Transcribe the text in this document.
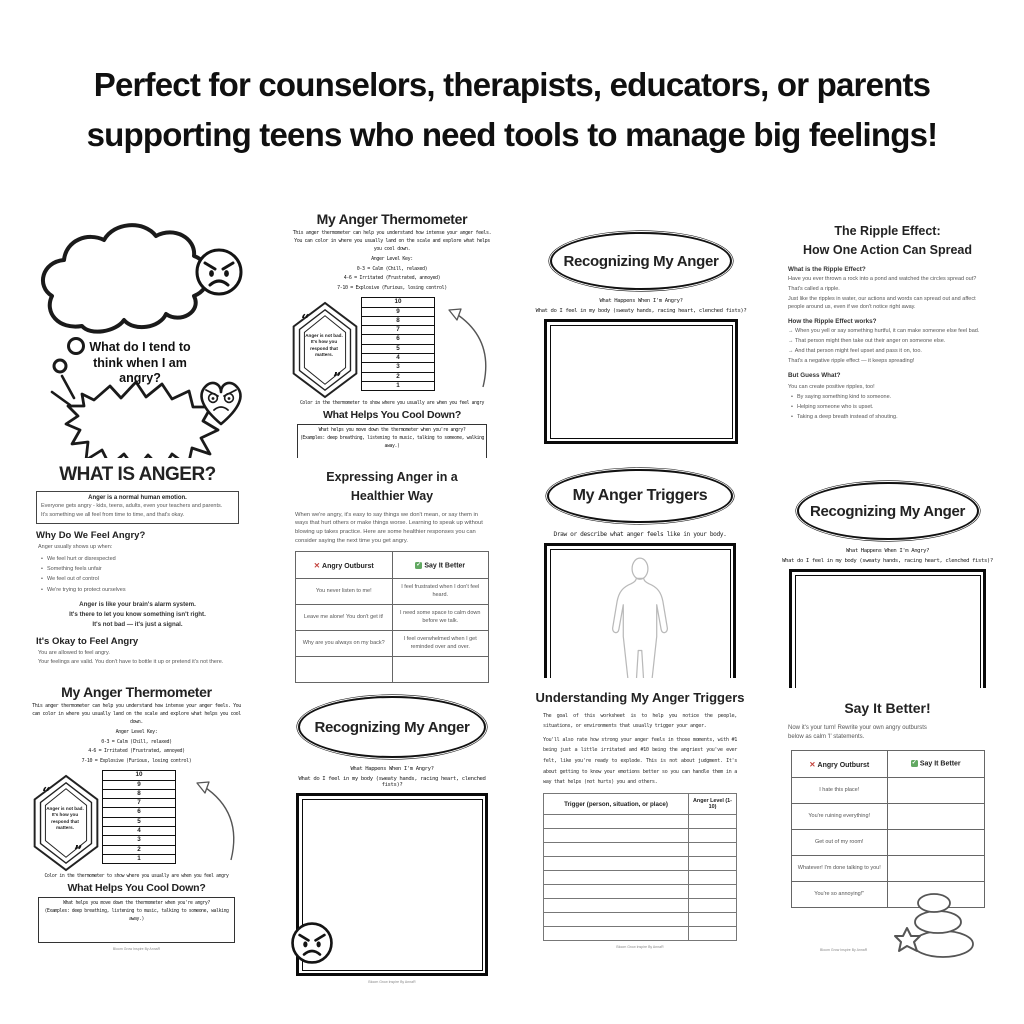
Perfect for counselors, therapists, educators, or parents
supporting teens who need tools to manage big feelings!
What do I tend to think when I am angry?
My Anger Thermometer
This anger thermometer can help you understand how intense your anger feels. You can color in where you usually land on the scale and explore what helps you cool down.
Anger Level Key:
0-3 = Calm (Chill, relaxed)
4-6 = Irritated (Frustrated, annoyed)
7-10 = Explosive (Furious, losing control)
“
Anger is not bad. It's how you respond that matters.
”
10
9
8
7
6
5
4
3
2
1
Color in the thermometer to show where you usually are when you feel angry
What Helps You Cool Down?
What helps you move down the thermometer when you're angry?
(Examples: deep breathing, listening to music, talking to someone, walking away.)
Recognizing My Anger
What Happens When I'm Angry?
What do I feel in my body (sweaty hands, racing heart, clenched fists)?
The Ripple Effect:
How One Action Can Spread
What is the Ripple Effect?
Have you ever thrown a rock into a pond and watched the circles spread out?
That's called a ripple.
Just like the ripples in water, our actions and words can spread out and affect people around us, even if we don't notice right away.
How the Ripple Effect works?
→ When you yell or say something hurtful, it can make someone else feel bad.
→ That person might then take out their anger on someone else.
→ And that person might feel upset and pass it on, too.
That's a negative ripple effect — it keeps spreading!
But Guess What?
You can create positive ripples, too!
• By saying something kind to someone.
• Helping someone who is upset.
• Taking a deep breath instead of shouting.
WHAT IS ANGER?
Anger is a normal human emotion.
Everyone gets angry - kids, teens, adults, even your teachers and parents.
It's something we all feel from time to time, and that's okay.
Why Do We Feel Angry?
Anger usually shows up when:
• We feel hurt or disrespected
• Something feels unfair
• We feel out of control
• We're trying to protect ourselves
Anger is like your brain's alarm system.
It's there to let you know something isn't right.
It's not bad — it's just a signal.
It's Okay to Feel Angry
You are allowed to feel angry.
Your feelings are valid. You don't have to bottle it up or pretend it's not there.
Expressing Anger in a
Healthier Way
When we're angry, it's easy to say things we don't mean, or say them in ways that hurt others or make things worse. Learning to speak up without blowing up takes practice. Here are some healthier responses you can consider saying the next time you get angry.
✕ Angry Outburst	✓ Say It Better
You never listen to me!	I feel frustrated when I don't feel heard.
Leave me alone! You don't get it!	I need some space to calm down before we talk.
Why are you always on my back?	I feel overwhelmed when I get reminded over and over.

My Anger Triggers
Draw or describe what anger feels like in your body.
Recognizing My Anger
What Happens When I'm Angry?
What do I feel in my body (sweaty hands, racing heart, clenched fists)?
My Anger Thermometer
This anger thermometer can help you understand how intense your anger feels. You can color in where you usually land on the scale and explore what helps you cool down.
Anger Level Key:
0-3 = Calm (Chill, relaxed)
4-6 = Irritated (Frustrated, annoyed)
7-10 = Explosive (Furious, losing control)
“
Anger is not bad. It's how you respond that matters.
”
10
9
8
7
6
5
4
3
2
1
Color in the thermometer to show where you usually are when you feel angry
What Helps You Cool Down?
What helps you move down the thermometer when you're angry?
(Examples: deep breathing, listening to music, talking to someone, walking away.)
Bloom Grow Inspire By AnnaR
Recognizing My Anger
What Happens When I'm Angry?
What do I feel in my body (sweaty hands, racing heart, clenched fists)?
Bloom Grow Inspire By AnnaR
Understanding My Anger Triggers
The goal of this worksheet is to help you notice the people, situations, or environments that usually trigger your anger.
You'll also rate how strong your anger feels in those moments, with #1 being just a little irritated and #10 being the angriest you've ever felt, like you're ready to explode. This is not about judgment. It's about getting to know your emotions better so you can handle them in a way that helps (not hurts) you and others.
Trigger (person, situation, or place)	Anger Level (1-10)

Bloom Grow Inspire By AnnaR
Say It Better!
Now it's your turn! Rewrite your own angry outbursts below as calm 'I' statements.
✕ Angry Outburst	✓ Say It Better
I hate this place!	
You're ruining everything!	
Get out of my room!	
Whatever! I'm done talking to you!	
You're so annoying!"	
Bloom Grow Inspire By AnnaR
